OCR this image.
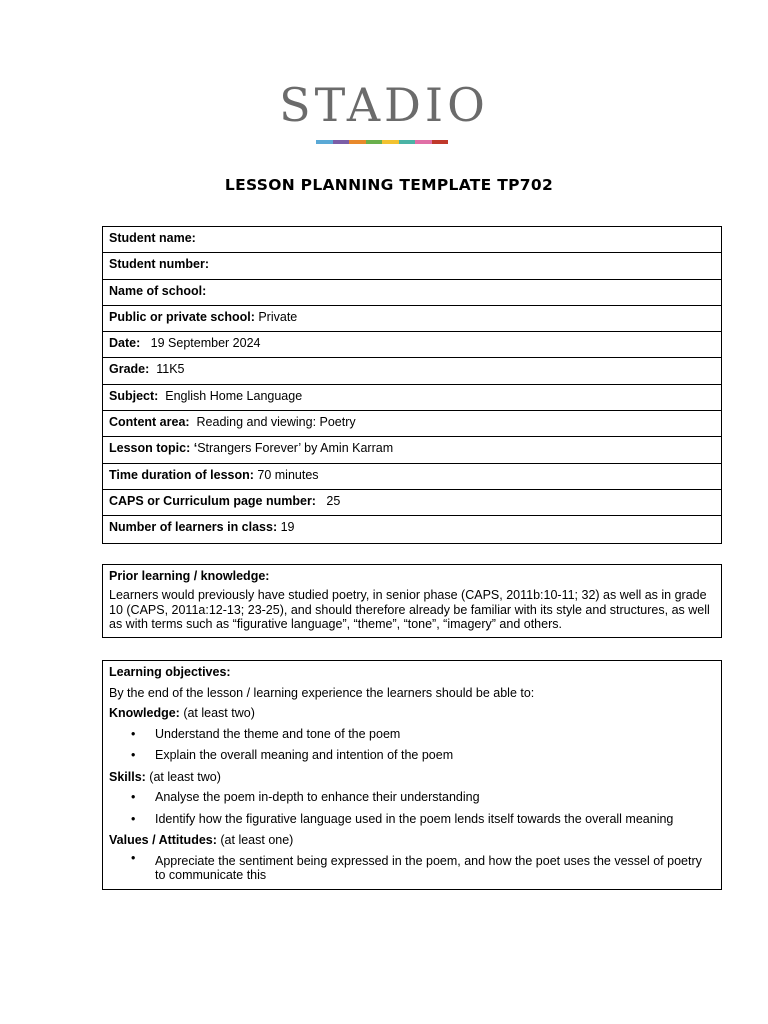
STADIO
LESSON PLANNING TEMPLATE TP702
Student name:
Student number:
Name of school:
Public or private school: Private
Date:   19 September 2024
Grade:  11K5
Subject:  English Home Language
Content area:  Reading and viewing: Poetry
Lesson topic: ‘Strangers Forever’ by Amin Karram
Time duration of lesson: 70 minutes
CAPS or Curriculum page number:   25
Number of learners in class: 19
Prior learning / knowledge:
Learners would previously have studied poetry, in senior phase (CAPS, 2011b:10-11; 32) as well as in grade 10 (CAPS, 2011a:12-13; 23-25), and should therefore already be familiar with its style and structures, as well as with terms such as “figurative language”, “theme”, “tone”, “imagery” and others.

Learning objectives:

By the end of the lesson / learning experience the learners should be able to:

Knowledge: (at least two)

• Understand the theme and tone of the poem
• Explain the overall meaning and intention of the poem

Skills: (at least two)

• Analyse the poem in-depth to enhance their understanding
• Identify how the figurative language used in the poem lends itself towards the overall meaning

Values / Attitudes: (at least one)

• Appreciate the sentiment being expressed in the poem, and how the poet uses the vessel of poetry to communicate this
